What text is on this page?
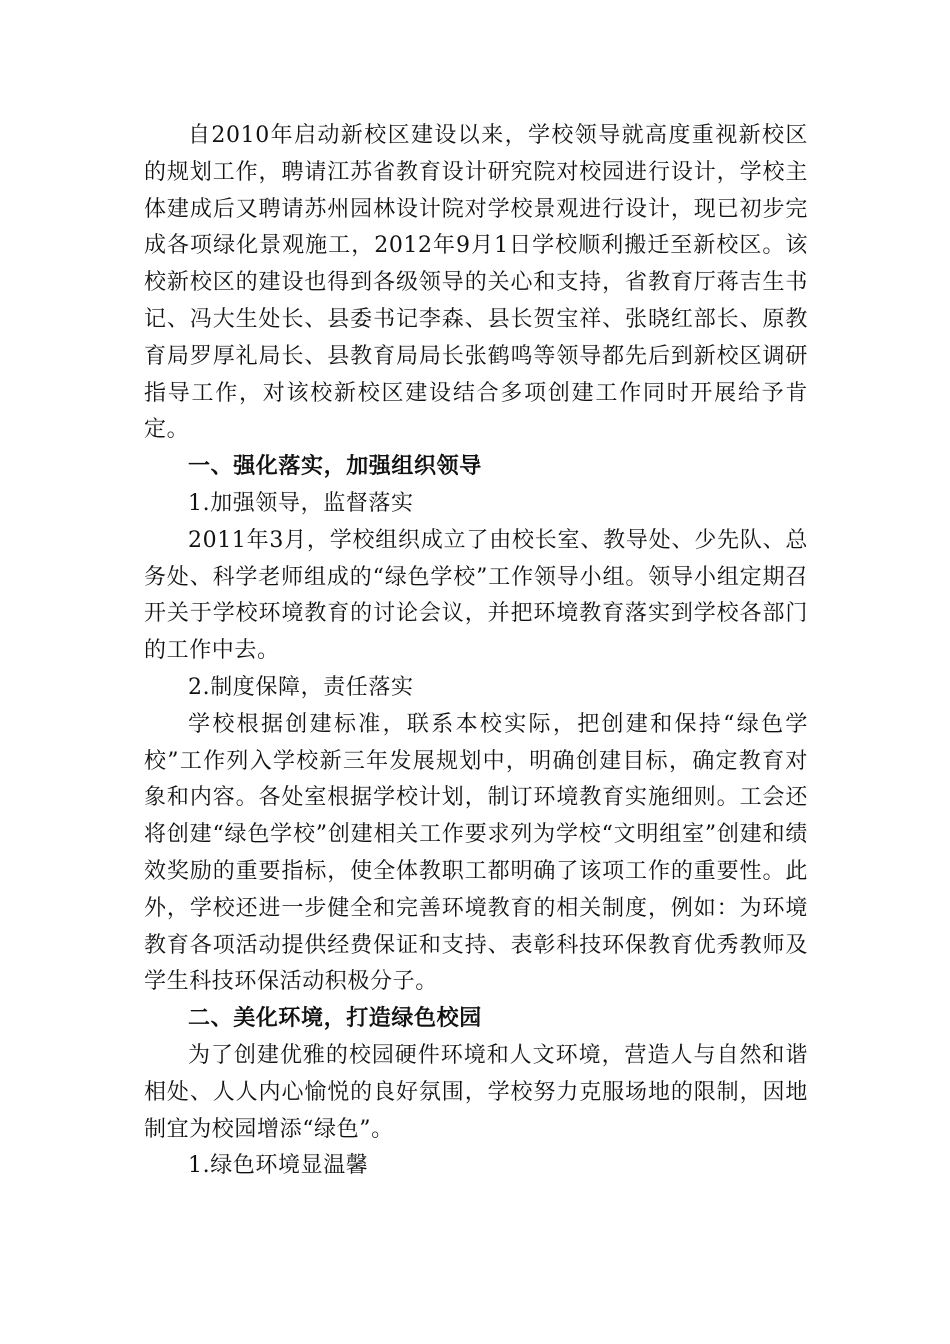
自2010年启动新校区建设以来，学校领导就高度重视新校区的规划工作，聘请江苏省教育设计研究院对校园进行设计，学校主体建成后又聘请苏州园林设计院对学校景观进行设计，现已初步完成各项绿化景观施工，2012年9月1日学校顺利搬迁至新校区。该校新校区的建设也得到各级领导的关心和支持，省教育厅蒋吉生书记、冯大生处长、县委书记李森、县长贺宝祥、张晓红部长、原教育局罗厚礼局长、县教育局局长张鹤鸣等领导都先后到新校区调研指导工作，对该校新校区建设结合多项创建工作同时开展给予肯定。

一、强化落实，加强组织领导

1.加强领导，监督落实

2011年3月，学校组织成立了由校长室、教导处、少先队、总务处、科学老师组成的“绿色学校”工作领导小组。领导小组定期召开关于学校环境教育的讨论会议，并把环境教育落实到学校各部门的工作中去。

2.制度保障，责任落实

学校根据创建标准，联系本校实际，把创建和保持“绿色学校”工作列入学校新三年发展规划中，明确创建目标，确定教育对象和内容。各处室根据学校计划，制订环境教育实施细则。工会还将创建“绿色学校”创建相关工作要求列为学校“文明组室”创建和绩效奖励的重要指标，使全体教职工都明确了该项工作的重要性。此外，学校还进一步健全和完善环境教育的相关制度，例如：为环境教育各项活动提供经费保证和支持、表彰科技环保教育优秀教师及学生科技环保活动积极分子。

二、美化环境，打造绿色校园

为了创建优雅的校园硬件环境和人文环境，营造人与自然和谐相处、人人内心愉悦的良好氛围，学校努力克服场地的限制，因地制宜为校园增添“绿色”。

1.绿色环境显温馨
